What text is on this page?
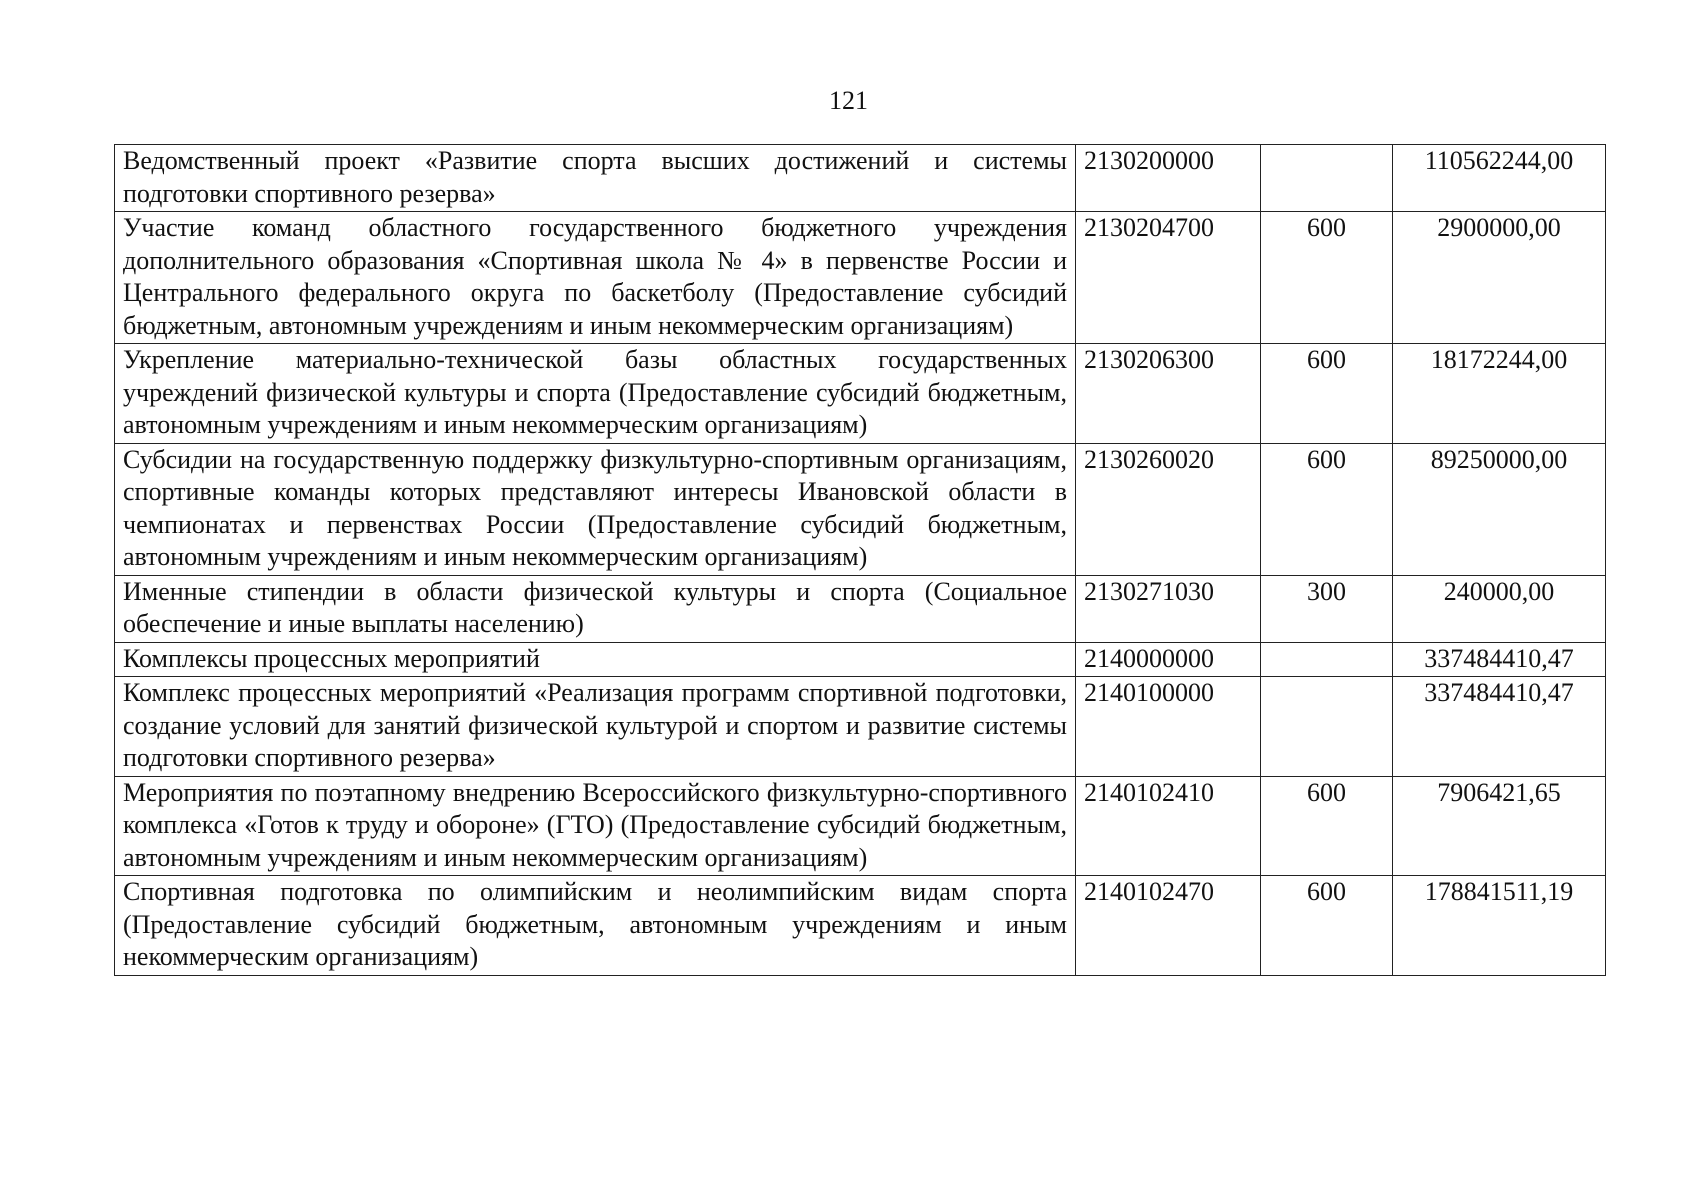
121
Ведомственный проект «Развитие спорта высших достижений и системы подготовки спортивного резерва»	2130200000		110562244,00
Участие команд областного государственного бюджетного учреждения дополнительного образования «Спортивная школа № 4» в первенстве России и Центрального федерального округа по баскетболу (Предоставление субсидий бюджетным, автономным учреждениям и иным некоммерческим организациям)	2130204700	600	2900000,00
Укрепление материально-технической базы областных государственных учреждений физической культуры и спорта (Предоставление субсидий бюджетным, автономным учреждениям и иным некоммерческим организациям)	2130206300	600	18172244,00
Субсидии на государственную поддержку физкультурно-спортивным организациям, спортивные команды которых представляют интересы Ивановской области в чемпионатах и первенствах России (Предоставление субсидий бюджетным, автономным учреждениям и иным некоммерческим организациям)	2130260020	600	89250000,00
Именные стипендии в области физической культуры и спорта (Социальное обеспечение и иные выплаты населению)	2130271030	300	240000,00
Комплексы процессных мероприятий	2140000000		337484410,47
Комплекс процессных мероприятий «Реализация программ спортивной подготовки, создание условий для занятий физической культурой и спортом и развитие системы подготовки спортивного резерва»	2140100000		337484410,47
Мероприятия по поэтапному внедрению Всероссийского физкультурно-спортивного комплекса «Готов к труду и обороне» (ГТО) (Предоставление субсидий бюджетным, автономным учреждениям и иным некоммерческим организациям)	2140102410	600	7906421,65
Спортивная подготовка по олимпийским и неолимпийским видам спорта (Предоставление субсидий бюджетным, автономным учреждениям и иным некоммерческим организациям)	2140102470	600	178841511,19
